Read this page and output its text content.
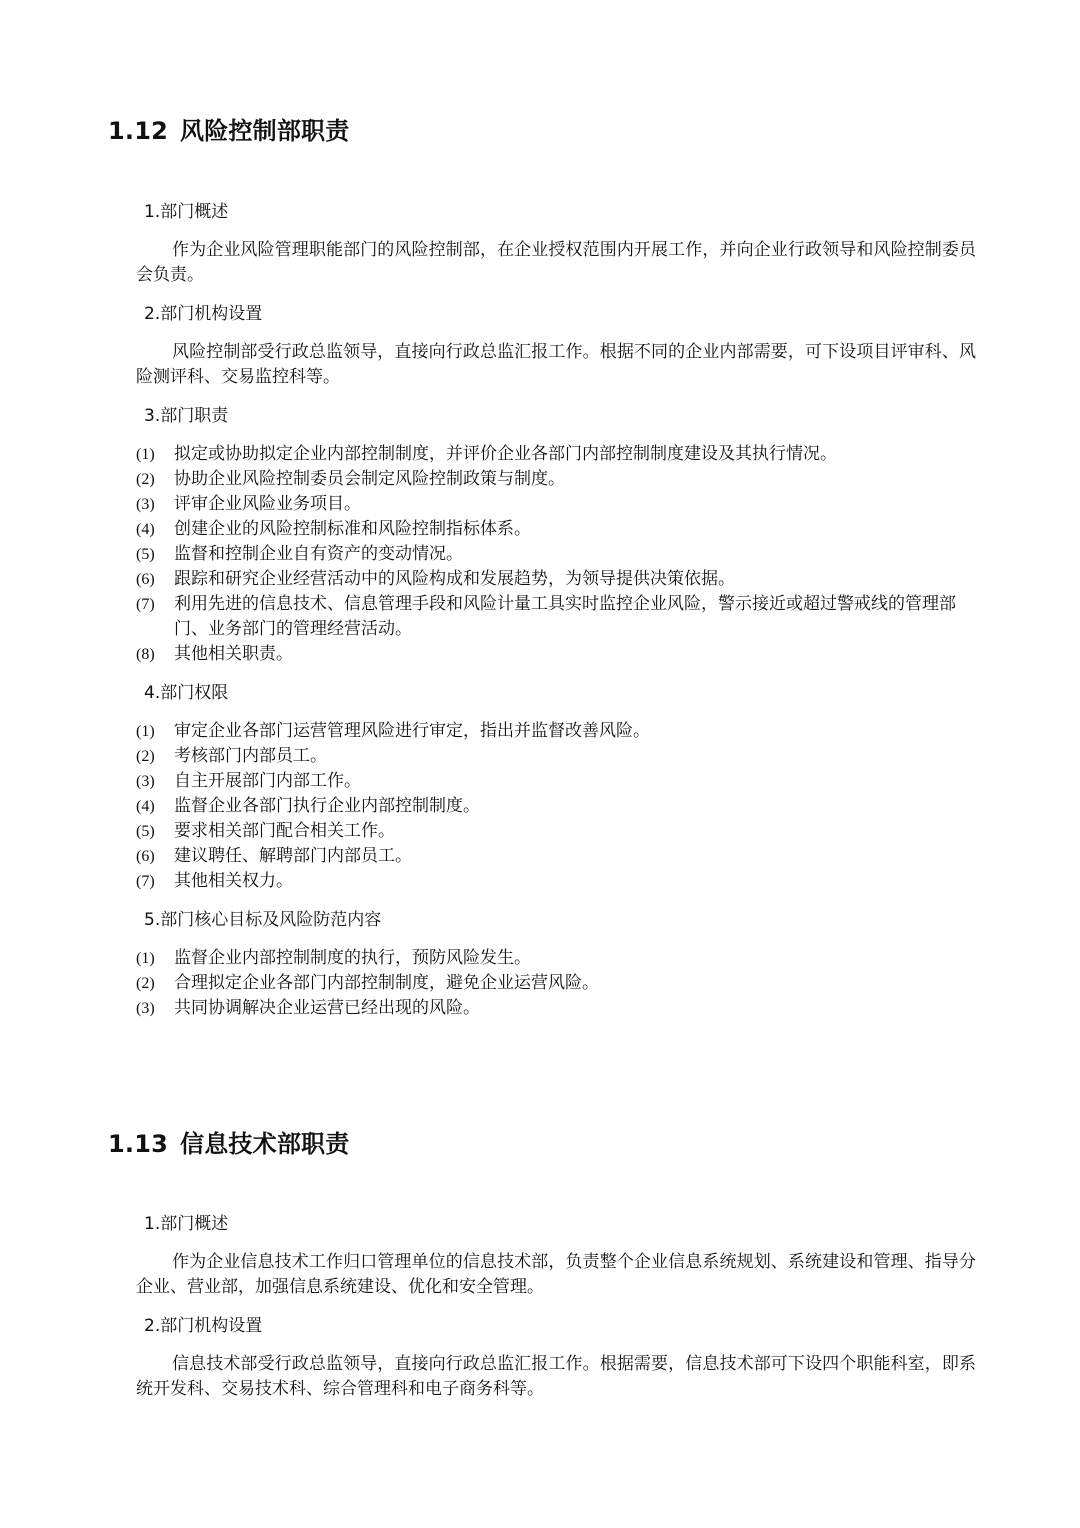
1.12 风险控制部职责
1.部门概述
作为企业风险管理职能部门的风险控制部，在企业授权范围内开展工作，并向企业行政领导和风险控制委员会负责。
2.部门机构设置
风险控制部受行政总监领导，直接向行政总监汇报工作。根据不同的企业内部需要，可下设项目评审科、风险测评科、交易监控科等。
3.部门职责
(1) 拟定或协助拟定企业内部控制制度，并评价企业各部门内部控制制度建设及其执行情况。
(2) 协助企业风险控制委员会制定风险控制政策与制度。
(3) 评审企业风险业务项目。
(4) 创建企业的风险控制标准和风险控制指标体系。
(5) 监督和控制企业自有资产的变动情况。
(6) 跟踪和研究企业经营活动中的风险构成和发展趋势，为领导提供决策依据。
(7) 利用先进的信息技术、信息管理手段和风险计量工具实时监控企业风险，警示接近或超过警戒线的管理部门、业务部门的管理经营活动。
(8) 其他相关职责。
4.部门权限
(1) 审定企业各部门运营管理风险进行审定，指出并监督改善风险。
(2) 考核部门内部员工。
(3) 自主开展部门内部工作。
(4) 监督企业各部门执行企业内部控制制度。
(5) 要求相关部门配合相关工作。
(6) 建议聘任、解聘部门内部员工。
(7) 其他相关权力。
5.部门核心目标及风险防范内容
(1) 监督企业内部控制制度的执行，预防风险发生。
(2) 合理拟定企业各部门内部控制制度，避免企业运营风险。
(3) 共同协调解决企业运营已经出现的风险。
1.13 信息技术部职责
1.部门概述
作为企业信息技术工作归口管理单位的信息技术部，负责整个企业信息系统规划、系统建设和管理、指导分企业、营业部，加强信息系统建设、优化和安全管理。
2.部门机构设置
信息技术部受行政总监领导，直接向行政总监汇报工作。根据需要，信息技术部可下设四个职能科室，即系统开发科、交易技术科、综合管理科和电子商务科等。
